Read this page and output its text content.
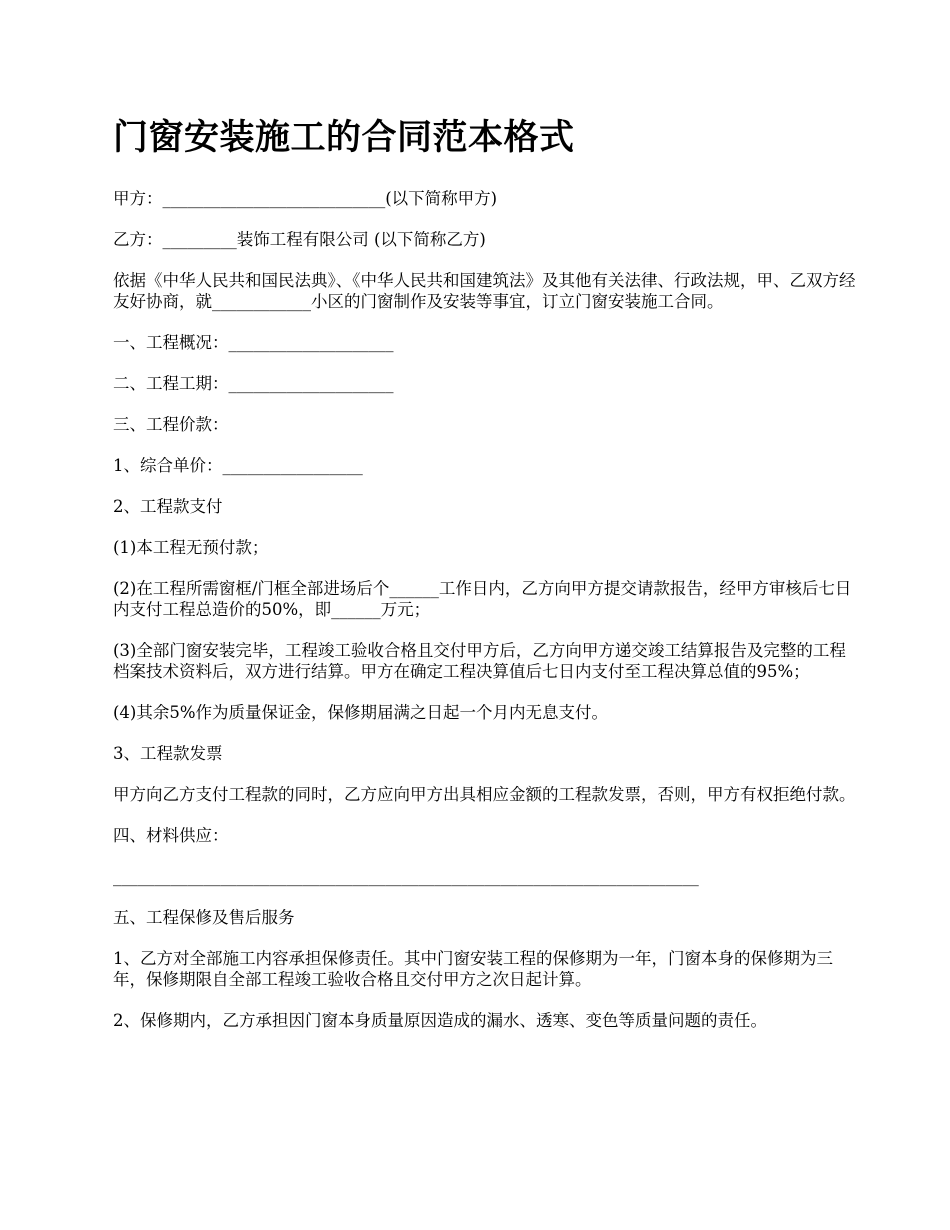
门窗安装施工的合同范本格式

甲方：___________________________(以下简称甲方)

乙方：_________装饰工程有限公司 (以下简称乙方)

依据《中华人民共和国民法典》、《中华人民共和国建筑法》及其他有关法律、行政法规，甲、乙双方经友好协商，就____________小区的门窗制作及安装等事宜，订立门窗安装施工合同。

一、工程概况：____________________

二、工程工期：____________________

三、工程价款：

1、综合单价：_________________

2、工程款支付

(1)本工程无预付款；

(2)在工程所需窗框/门框全部进场后个______工作日内，乙方向甲方提交请款报告，经甲方审核后七日内支付工程总造价的50%，即______万元；

(3)全部门窗安装完毕，工程竣工验收合格且交付甲方后，乙方向甲方递交竣工结算报告及完整的工程档案技术资料后，双方进行结算。甲方在确定工程决算值后七日内支付至工程决算总值的95%；

(4)其余5%作为质量保证金，保修期届满之日起一个月内无息支付。

3、工程款发票

甲方向乙方支付工程款的同时，乙方应向甲方出具相应金额的工程款发票，否则，甲方有权拒绝付款。

四、材料供应：

_______________________________________________________________________

五、工程保修及售后服务

1、乙方对全部施工内容承担保修责任。其中门窗安装工程的保修期为一年，门窗本身的保修期为三年，保修期限自全部工程竣工验收合格且交付甲方之次日起计算。

2、保修期内，乙方承担因门窗本身质量原因造成的漏水、透寒、变色等质量问题的责任。
